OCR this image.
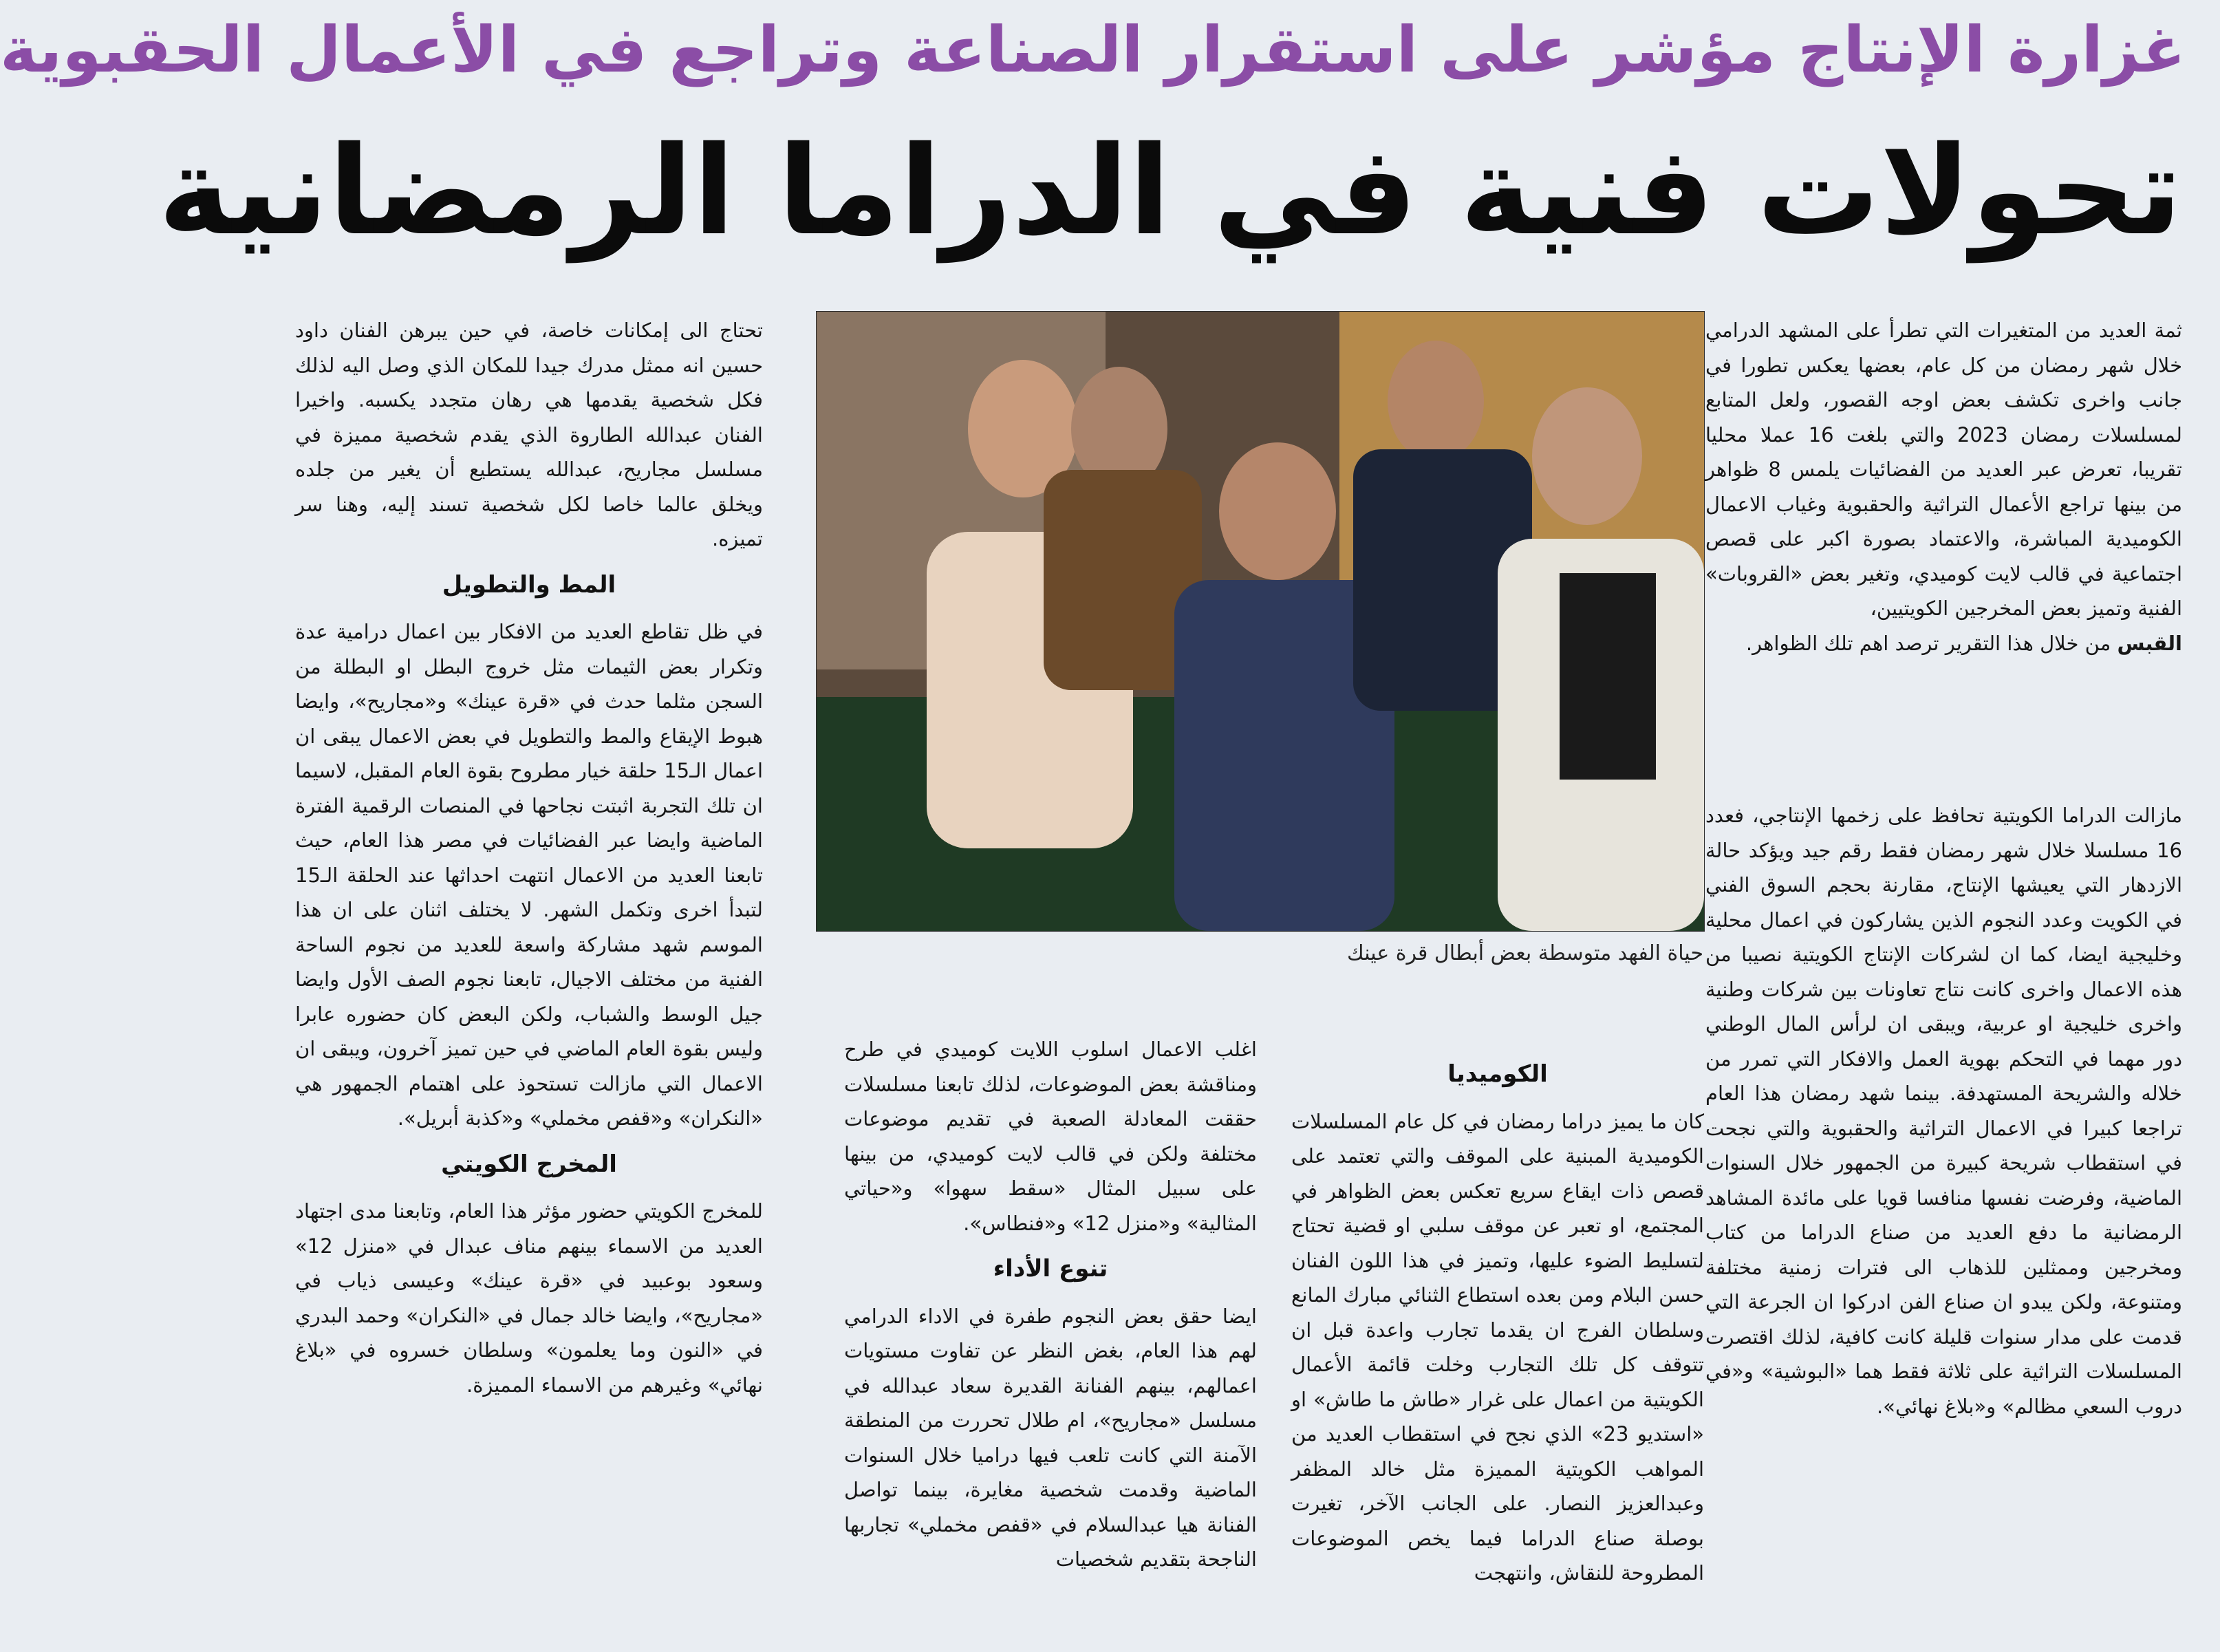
غزارة الإنتاج مؤشر على استقرار الصناعة وتراجع في الأعمال الحقبوية
تحولات فنية في الدراما الرمضانية

ثمة العديد من المتغيرات التي تطرأ على المشهد الدرامي خلال شهر رمضان من كل عام، بعضها يعكس تطورا في جانب واخرى تكشف بعض اوجه القصور، ولعل المتابع لمسلسلات رمضان 2023 والتي بلغت 16 عملا محليا تقريبا، تعرض عبر العديد من الفضائيات يلمس 8 ظواهر من بينها تراجع الأعمال التراثية والحقبوية وغياب الاعمال الكوميدية المباشرة، والاعتماد بصورة اكبر على قصص اجتماعية في قالب لايت كوميدي، وتغير بعض «القروبات» الفنية وتميز بعض المخرجين الكويتيين،
القبس من خلال هذا التقرير ترصد اهم تلك الظواهر.

مازالت الدراما الكويتية تحافظ على زخمها الإنتاجي، فعدد 16 مسلسلا خلال شهر رمضان فقط رقم جيد ويؤكد حالة الازدهار التي يعيشها الإنتاج، مقارنة بحجم السوق الفني في الكويت وعدد النجوم الذين يشاركون في اعمال محلية وخليجية ايضا، كما ان لشركات الإنتاج الكويتية نصيبا من هذه الاعمال واخرى كانت نتاج تعاونات بين شركات وطنية واخرى خليجية او عربية، ويبقى ان لرأس المال الوطني دور مهما في التحكم بهوية العمل والافكار التي تمرر من خلاله والشريحة المستهدفة. بينما شهد رمضان هذا العام تراجعا كبيرا في الاعمال التراثية والحقبوية والتي نجحت في استقطاب شريحة كبيرة من الجمهور خلال السنوات الماضية، وفرضت نفسها منافسا قويا على مائدة المشاهد الرمضانية ما دفع العديد من صناع الدراما من كتاب ومخرجين وممثلين للذهاب الى فترات زمنية مختلفة ومتنوعة، ولكن يبدو ان صناع الفن ادركوا ان الجرعة التي قدمت على مدار سنوات قليلة كانت كافية، لذلك اقتصرت المسلسلات التراثية على ثلاثة فقط هما «البوشية» و«في دروب السعي مظالم» و«بلاغ نهائي».

حياة الفهد متوسطة بعض أبطال قرة عينك
الكوميديا

كان ما يميز دراما رمضان في كل عام المسلسلات الكوميدية المبنية على الموقف والتي تعتمد على قصص ذات ايقاع سريع تعكس بعض الظواهر في المجتمع، او تعبر عن موقف سلبي او قضية تحتاج لتسليط الضوء عليها، وتميز في هذا اللون الفنان حسن البلام ومن بعده استطاع الثنائي مبارك المانع وسلطان الفرج ان يقدما تجارب واعدة قبل ان تتوقف كل تلك التجارب وخلت قائمة الأعمال الكويتية من اعمال على غرار «طاش ما طاش» او «استديو 23» الذي نجح في استقطاب العديد من المواهب الكويتية المميزة مثل خالد المظفر وعبدالعزيز النصار. على الجانب الآخر، تغيرت بوصلة صناع الدراما فيما يخص الموضوعات المطروحة للنقاش، وانتهجت

اغلب الاعمال اسلوب اللايت كوميدي في طرح ومناقشة بعض الموضوعات، لذلك تابعنا مسلسلات حققت المعادلة الصعبة في تقديم موضوعات مختلفة ولكن في قالب لايت كوميدي، من بينها على سبيل المثال «سقط سهوا» و«حياتي المثالية» و«منزل 12» و«فنطاس».

تنوع الأداء

ايضا حقق بعض النجوم طفرة في الاداء الدرامي لهم هذا العام، بغض النظر عن تفاوت مستويات اعمالهم، بينهم الفنانة القديرة سعاد عبدالله في مسلسل «مجاريح»، ام طلال تحررت من المنطقة الآمنة التي كانت تلعب فيها دراميا خلال السنوات الماضية وقدمت شخصية مغايرة، بينما تواصل الفنانة هيا عبدالسلام في «قفص مخملي» تجاربها الناجحة بتقديم شخصيات

تحتاج الى إمكانات خاصة، في حين يبرهن الفنان داود حسين انه ممثل مدرك جيدا للمكان الذي وصل اليه لذلك فكل شخصية يقدمها هي رهان متجدد يكسبه. واخيرا الفنان عبدالله الطاروة الذي يقدم شخصية مميزة في مسلسل مجاريح، عبدالله يستطيع أن يغير من جلده ويخلق عالما خاصا لكل شخصية تسند إليه، وهنا سر تميزه.

المط والتطويل

في ظل تقاطع العديد من الافكار بين اعمال درامية عدة وتكرار بعض الثيمات مثل خروج البطل او البطلة من السجن مثلما حدث في «قرة عينك» و«مجاريح»، وايضا هبوط الإيقاع والمط والتطويل في بعض الاعمال يبقى ان اعمال الـ15 حلقة خيار مطروح بقوة العام المقبل، لاسيما ان تلك التجربة اثبتت نجاحها في المنصات الرقمية الفترة الماضية وايضا عبر الفضائيات في مصر هذا العام، حيث تابعنا العديد من الاعمال انتهت احداثها عند الحلقة الـ15 لتبدأ اخرى وتكمل الشهر. لا يختلف اثنان على ان هذا الموسم شهد مشاركة واسعة للعديد من نجوم الساحة الفنية من مختلف الاجيال، تابعنا نجوم الصف الأول وايضا جيل الوسط والشباب، ولكن البعض كان حضوره عابرا وليس بقوة العام الماضي في حين تميز آخرون، ويبقى ان الاعمال التي مازالت تستحوذ على اهتمام الجمهور هي «النكران» و«قفص مخملي» و«كذبة أبريل».

المخرج الكويتي

للمخرج الكويتي حضور مؤثر هذا العام، وتابعنا مدى اجتهاد العديد من الاسماء بينهم مناف عبدال في «منزل 12» وسعود بوعبيد في «قرة عينك» وعيسى ذياب في «مجاريح»، وايضا خالد جمال في «النكران» وحمد البدري في «النون وما يعلمون» وسلطان خسروه في «بلاغ نهائي» وغيرهم من الاسماء المميزة.
